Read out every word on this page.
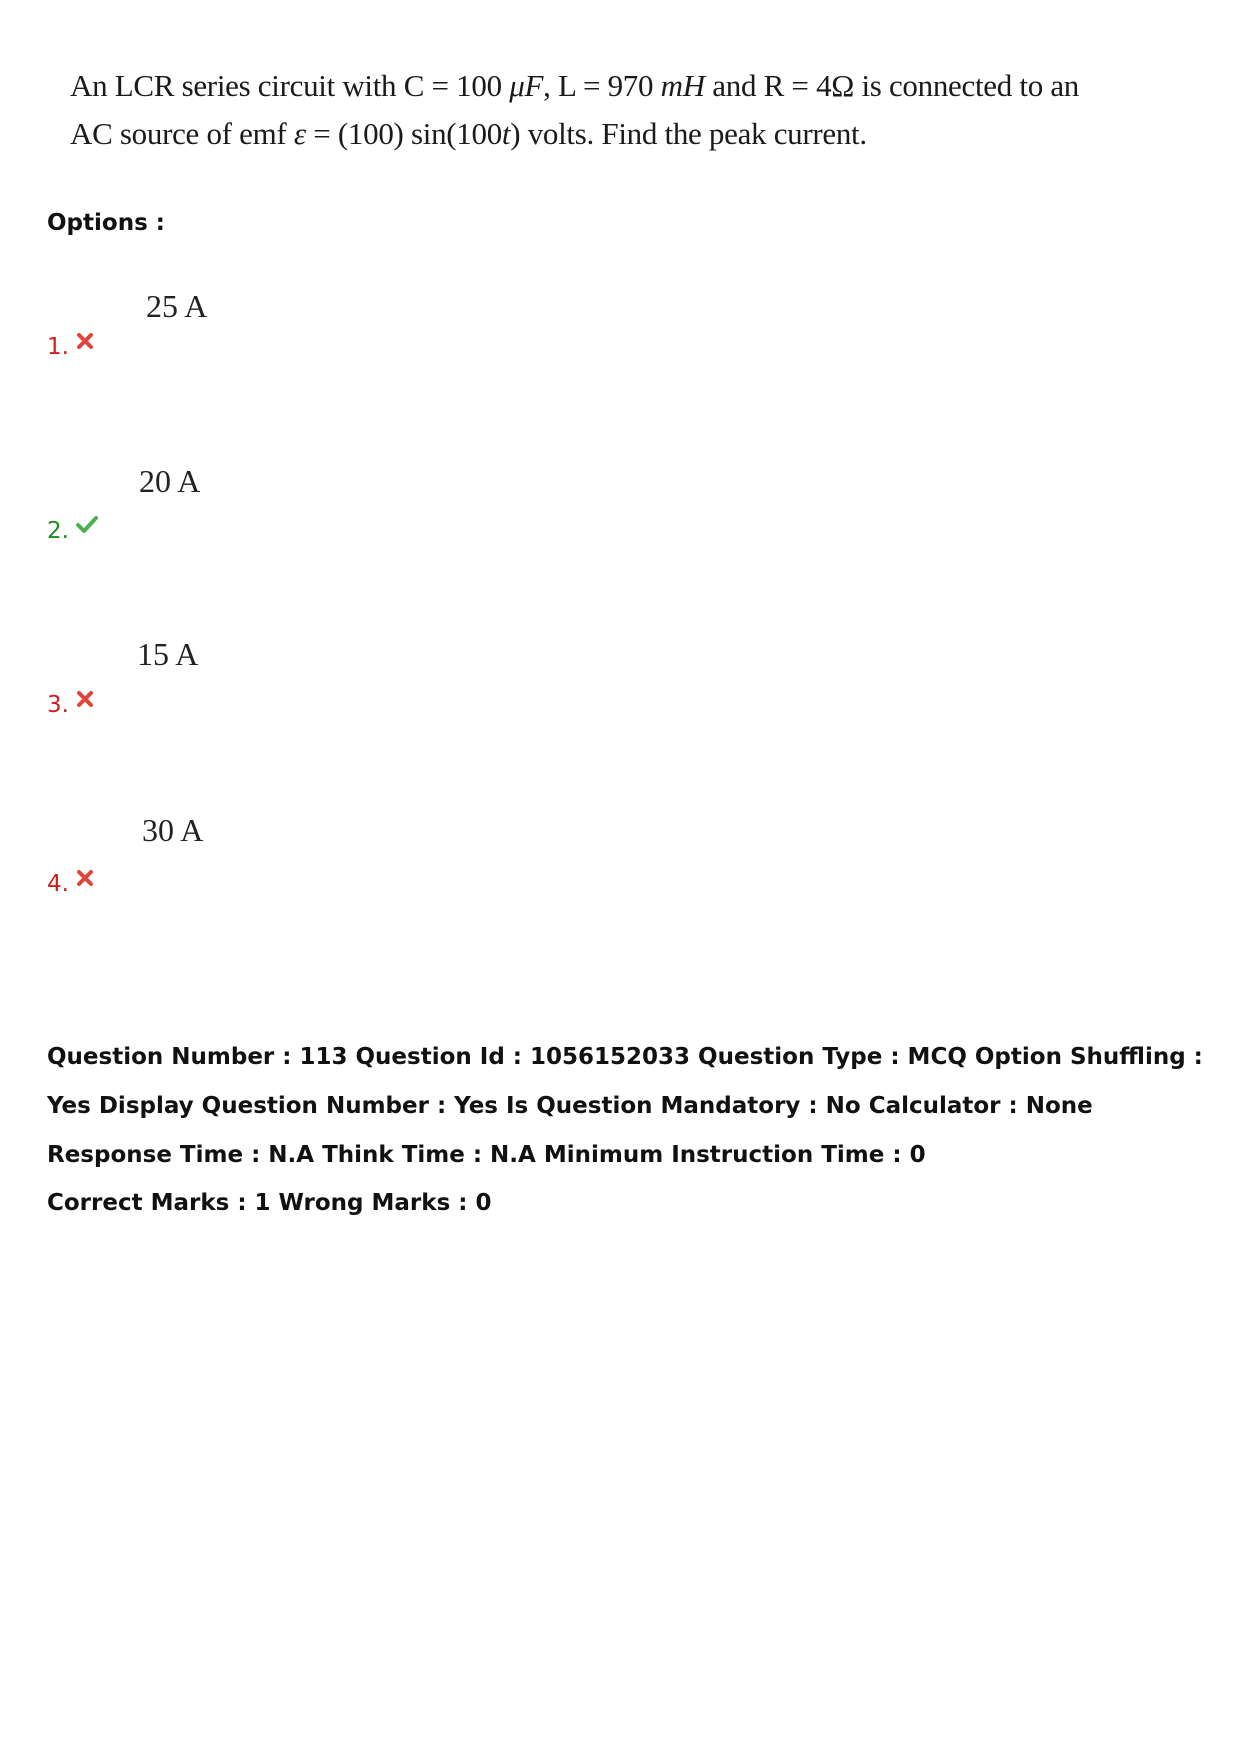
An LCR series circuit with C = 100 μF, L = 970 mH and R = 4Ω is connected to an
AC source of emf ε = (100) sin(100t) volts. Find the peak current.
Options :
25 A
1.
20 A
2.
15 A
3.
30 A
4.
Question Number : 113 Question Id : 1056152033 Question Type : MCQ Option Shuffling : Yes Display Question Number : Yes Is Question Mandatory : No Calculator : None Response Time : N.A Think Time : N.A Minimum Instruction Time : 0
Correct Marks : 1 Wrong Marks : 0
